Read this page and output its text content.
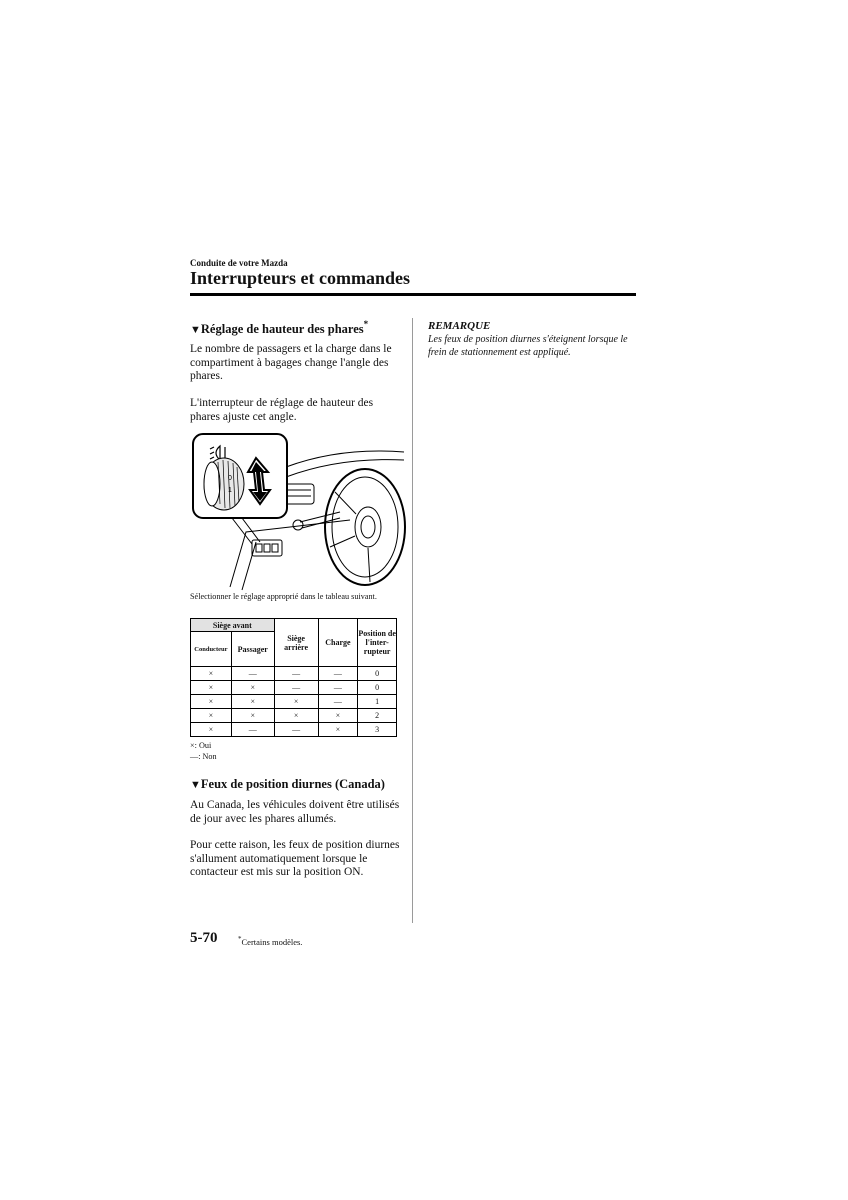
Conduite de votre Mazda
Interrupteurs et commandes
▼Réglage de hauteur des phares*
Le nombre de passagers et la charge dans le compartiment à bagages change l'angle des phares.
L'interrupteur de réglage de hauteur des phares ajuste cet angle.
0
1
Sélectionner le réglage approprié dans le tableau suivant.
Siège avant		Siège arrière	Charge	Position de l'inter-rupteur
Conducteur	Passager			
×	—	—	—	0
×	×	—	—	0
×	×	×	—	1
×	×	×	×	2
×	—	—	×	3
×: Oui
—: Non
▼Feux de position diurnes (Canada)
Au Canada, les véhicules doivent être utilisés de jour avec les phares allumés.
Pour cette raison, les feux de position diurnes s'allument automatiquement lorsque le contacteur est mis sur la position ON.
REMARQUE
Les feux de position diurnes s'éteignent lorsque le frein de stationnement est appliqué.
5-70	*Certains modèles.
